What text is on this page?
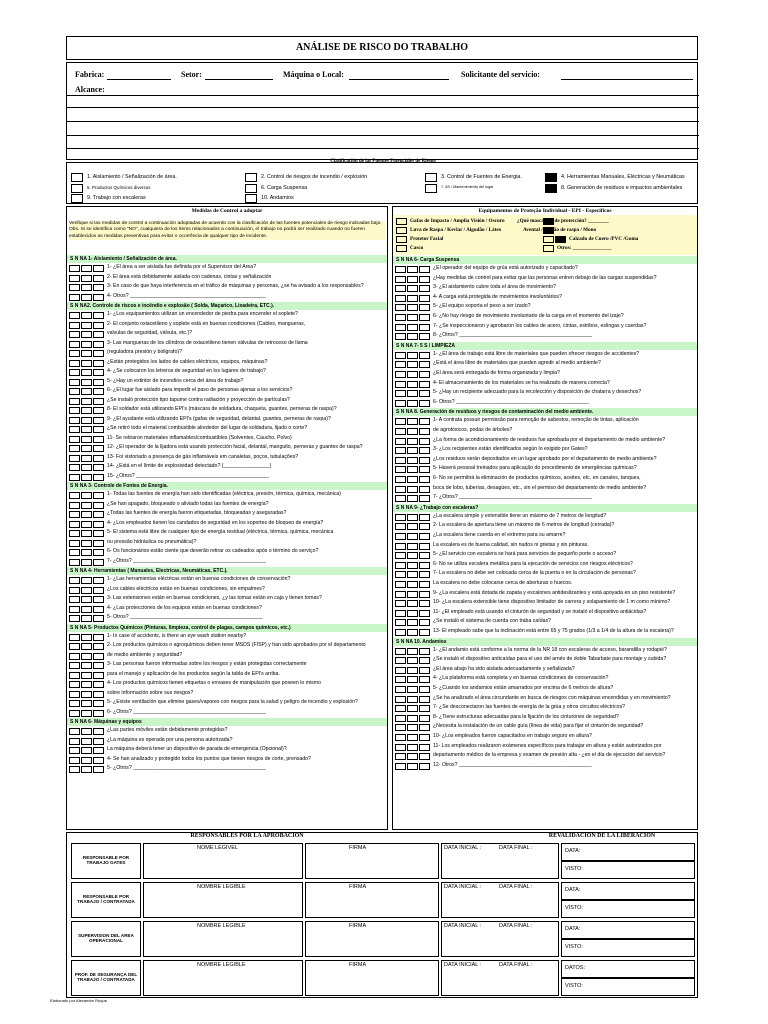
ANÁLISE DE RISCO DO TRABALHO
Fabrica:	Setor:	Máquina o Local:	Solicitante del servicio:
Alcance:
Clasificación de las Fuentes Potenciales de Riesgo
1. Aislamiento / Señalización de área.	2. Control de riesgos de incendio / explosión	3. Control de Fuentes de Energia.	4. Herramientas Manuales, Eléctricas y Neumáticas
5. Productos Químicos diversos	6. Carga Suspensa	7. 5S / Mantenimiento del lugar	8. Generación de residuos e impactos ambientales
9. Trabajo con escaleras	10. Andamios
Medidas de Control a adoptar
Verifique si las medidas de control a continuación adoptadas de acuerdo con la clasificación de las fuentes potenciales de riesgo indicadas bajo. Obs. Si se identifica como "NO", cualquiera de los ítems relacionados a continuación, el trabajo no podrá ser realizado cuando no fueren establecidos as medidas preventivas para evitar o ocorrência de qualquer tipo de incidente.
S N NA 1- Aislamiento / Señalización de área.
1- ¿El área a ser aislada fue definida por el Supervisor del Área?
2- El área está debidamente aislada con cadenas, cintas y señalización
3- En caso de que haya interferencia en el tráfico de máquinas y personas, ¿se ha avisado a los responsables?
4- Otros? _______________________________________________
S N NA2. Controle de riscos e incêndio e explosão ( Solda, Maçarico, Lixadeira, ETC.).
1- ¿Los equipamientos utilizan un encendedor de piedra para encender el soplete?
2- El conjunto oxiacetileno y soplete está en buenas condiciones (Cables, mangueras,
valvulas de seguridad, válvula, etc.)?
3- Las mangueras de los cilindros de oxiacetileno tienen válvulas de retroceso de llama
(reguladora presión y boligrafo)?
¿Están protegidos los lados de cables eléctricos, equipos, máquinas?
4- ¿Se colocaron los letreros de seguridad en los lugares de trabajo?
5- ¿Hay un extintor de incendios cerca del área de trabajo?
6- ¿El lugar fue aislado para impedir el paso de personas ajenas a los servicios?
¿Se instaló protección tipo tapume contra radiación y proyección de partículas?
8- El soldador está utilizando EPI's (máscara de soldadura, chaqueta, guantes, perneras de raspa)?
9- ¿El ayudante está utilizando EPI's (gafas de seguridad, delantal, guantes, perneras de raspa)?
¿Se retiró todo el material combustible alrededor del lugar de soldadura, lijado o corte?
11- Se retiraron materiales inflamables/combustibles (Solventes, Caucho, Polvo)
12- ¿El operador de la lijadora está usando protección facial, delantal, manguito, perneras y guantes de raspa?
13- Foi vistoriado a presença de gás inflamáveis em canaletas, poços, tubulações?
14- ¿Está en el límite de explosividad detectado? (________________)
15- ¿Otros? ______________________________________________
S N NA 3- Controle de Fontes de Energia.
1- Todas las fuentes de energía han sido identificadas (eléctrica, presión, térmica, química, mecánica)
¿Se han apagado, bloqueado o aliviado todas las fuentes de energía?
¿Todas las fuentes de energía fueron etiquetadas, bloqueadas y aseguradas?
4- ¿Los empleados tienen los candados de seguridad en los soportes de bloqueo de energía?
5- El sistema está libre de cualquier tipo de energía residual (eléctrica, térmica, química, mecánica
ou pressão hidráulica ou pneumática)?
6- Os funcionários estão ciente que deverão retirar os cadeados após o término do serviço?
7- ¿Otros? ______________________________________________
S N NA 4- Herramientas ( Manuales, Electricas, Neumáticas, ETC.).
1- ¿Las herramientas eléctricas están en buenas condiciones de conservación?
¿Los cables eléctricos están en buenas condiciones, sin empalmes?
3- Las extensiones están en buenas condiciones, ¿y las tomas están en caja y tienen tomas?
4- ¿Las protecciones de los equipos están en buenas condiciones?
5- Otros? ______________________________________________
S N NA 5- Productos Químicos (Pinturas, limpieza, control de plagas, campos quimicos, etc.)
1- In case of accidents, is there an eye wash station nearby?
2- Los productos químicos o agroquímicos deben tener MSDS (FISP) y han sido aprobados por el departamento
de medio ambiente y seguridad?
3- Las personas fueron informadas sobre los riesgos y están protegidas correctamente
para el manejo y aplicación de los productos según la tabla de EPI's arriba.
4- Los productos químicos tienen etiquetas o envases de manipulación que poseen lo mismo
sobre información sobre sus riesgos?
5- ¿Existe ventilación que elimine gases/vapores con riesgos para la salud y peligro de incendio y explosión?
6- ¿Otros? ______________________________________________
S N NA 6- Máquinas y equipos
¿Las partes móviles están debidamente protegidas?
¿La máquina es operada por una persona autorizada?
La máquina deberá tener un dispositivo de parada de emergencia (Opcional)?
4- Se han analizado y protegido todos los puntos que tienen riesgos de corte, prensado?
5- ¿Otros? ______________________________________________
Equipamentos de Proteção Individual - EPI - Especificos
Gafas de Impacto / Amplia Visión / Oscuro ¿Qué mascarilla de protección? ________
Luva de Raspa / Kevlar / Algodão / Látex	Avental / Blusão de raspa / Mono
Protetor Facial	Calzado de Cuero /PVC /Goma
Casco	Otros: _______________
S N NA 6- Carga Suspensa
¿El operador del equipo de grúa está autorizado y capacitado?
¿Hay medidas de control para evitar que las personas entren debajo de las cargas suspendidas?
3- ¿El aislamiento cubre toda el área de movimiento?
4- A carga está protegida de movimientos involuntários?
5- ¿El equipo soporta el peso a ser izado?
6- ¿No hay riesgo de movimiento involuntario de la carga en el momento del izaje?
7- ¿Se inspeccionaron y aprobaron los cables de acero, cintas, estribos, eslingas y cuerdas?
8- ¿Otros? ______________________________________________
S N NA 7- 5 S / LIMPIEZA
1- ¿El área de trabajo está libre de materiales que pueden ofrecer riesgos de accidentes?
¿Está el área libre de materiales que pueden agredir al medio ambiente?
¿El área será entregada de forma organizada y limpia?
4- El almacenamiento de los materiales se ha realizado de manera correcta?
5- ¿Hay un recipiente adecuado para la recolección y disposición de chatarra y desechos?
6- Otros? ______________________________________________
S N NA 8. Generación de residuos y riesgos de contaminación del medio ambiente.
1- A contrata possuir permissão para remoção de asbestos, remoção de tintas, aplicación
de agrotóxicos, podas de árboles?
¿La forma de acondicionamiento de residuos fue aprobada por el departamento de medio ambiente?
3- ¿Los recipientes están identificados según lo exigido por Gates?
¿Los residuos serán depositados en un lugar aprobado por el departamento de medio ambiente?
5- Haverá pessoal treinados para aplicação do procedimento de emergências químicas?
6- No se permitirá la eliminación de productos químicos, aceites, etc. en canales, tanques,
boca de lobo, tuberías, desagües, etc., sin el permiso del departamento de medio ambiente?
7- ¿Otros? ______________________________________________
S N NA 9- ¿Trabajo con escaleras?
¿La escalera simple y extensible tiene un máximo de 7 metros de longitud?
2- La escalera de apertura tiene un máximo de 6 metros de longitud (cerrada)?
¿La escalera tiene cuerda en el extremo para su amarre?
La escalera es de buena calidad, sin nudos ni grietas y sin pinturas.
5- ¿El servicio con escalera se hará para servicios de pequeño porte o acceso?
6- No se utiliza escalera metálica para la ejecución de servicios con riesgos eléctricos?
7- La escalera no debe ser colocada cerca de la puerta o en la circulación de personas?
La escalera no debe colocarse cerca de aberturas o huecos.
9- ¿La escalera está dotada de zapata y escalones antideslizantes y está apoyada en un piso resistente?
10- ¿La escalera extensible tiene dispositivo limitador de carrera y solapamiento de 1 m como mínimo?
11- ¿El empleado está usando el cinturón de seguridad y se instaló el dispositivo antiácidas?
¿Se instaló el sistema de cuerda con traba caídas?
13- El empleado sabe que la inclinación está entre 65 y 75 grados (1/3 a 1/4 de la altura de la escalera)?
S N NA 10. Andamios
1- ¿El andamio está conforme a la norma de la NR 18 con escaleras de acceso, barandilla y rodapié?
¿Se instaló el dispositivo anticaídas para el uso del arnés de doble Tabarbate para montaje y subida?
¿El área abajo ha sido aislada adecuadamente y señalizada?
4- ¿La plataforma está completa y en buenas condiciones de conservación?
5- ¿Cuando los andamios están amarrados por encima de 6 metros de altura?
¿Se ha analizado el área circundante en busca de riesgos con máquinas encendidas y en movimiento?
7- ¿Se desconectaron las fuentes de energía de la grúa y otros circuitos eléctricos?
8- ¿Tiene estructuras adecuadas para la fijación de los cinturones de seguridad?
¿Necesita la instalación de un cable guía (línea de vida) para fijar el cinturón de seguridad?
10- ¿Los empleados fueron capacitados en trabajo seguro en altura?
11- Los empleados realizaron exámenes específicos para trabajar en altura y están autorizados por
departamento médico de la empresa y examen de presión alta - ¿en el día de ejecución del servicio?
12- Otros? ______________________________________________
RESPONSABLES POR LA APROBACION	REVALIDACION DE LA LIBERACION
RESPONSABLE POR TRABAJO GATES
NOME LEGIVEL	FIRMA	DATA INICIAL :	DATA FINAL :	DATA:
VISTO:
RESPONSABLE POR TRABAJO / CONTRATADA
NOMBRE LEGIBLE	FIRMA	DATA INICIAL :	DATA FINAL :	DATA:
VISTO:
SUPERVISION DEL AREA OPERACIONAL
NOMBRE LEGIBLE	FIRMA	DATA INICIAL :	DATA FINAL :	DATA:
VISTO:
PROF. DE SEGURANÇA DEL TRABAJO / CONTRATADA
NOMBRE LEGIBLE	FIRMA	DATA INICIAL :	DATA FINAL :	DATOS:
VISTO:
Elaborado por Alexandre Roque
